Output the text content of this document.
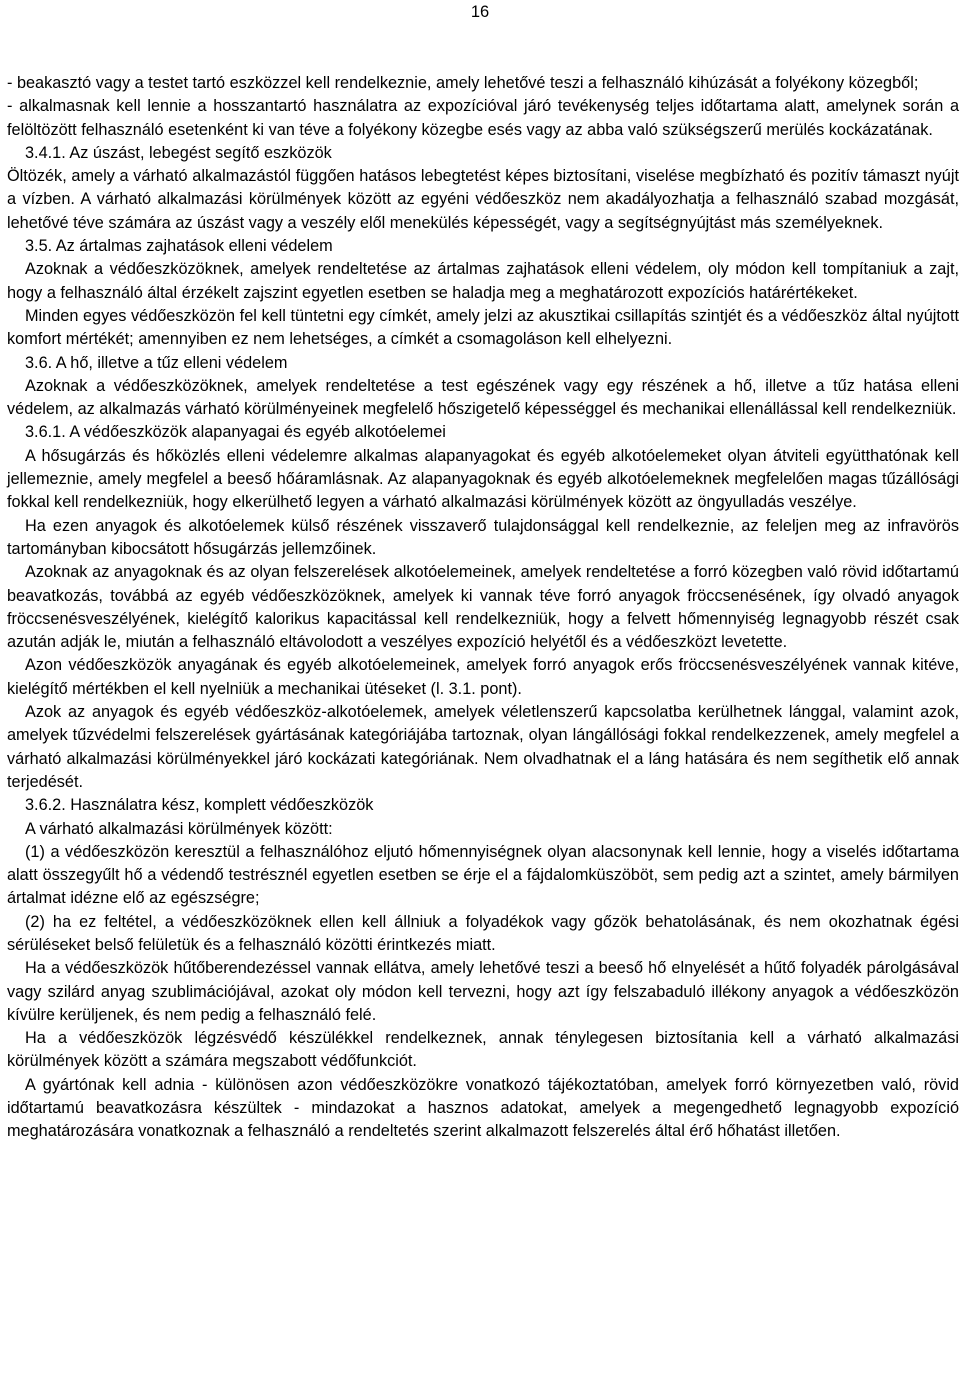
16

- beakasztó vagy a testet tartó eszközzel kell rendelkeznie, amely lehetővé teszi a felhasználó kihúzását a folyékony közegből;

- alkalmasnak kell lennie a hosszantartó használatra az expozícióval járó tevékenység teljes időtartama alatt, amelynek során a felöltözött felhasználó esetenként ki van téve a folyékony közegbe esés vagy az abba való szükségszerű merülés kockázatának.

3.4.1. Az úszást, lebegést segítő eszközök

Öltözék, amely a várható alkalmazástól függően hatásos lebegtetést képes biztosítani, viselése megbízható és pozitív támaszt nyújt a vízben. A várható alkalmazási körülmények között az egyéni védőeszköz nem akadályozhatja a felhasználó szabad mozgását, lehetővé téve számára az úszást vagy a veszély elől menekülés képességét, vagy a segítségnyújtást más személyeknek.

3.5. Az ártalmas zajhatások elleni védelem

Azoknak a védőeszközöknek, amelyek rendeltetése az ártalmas zajhatások elleni védelem, oly módon kell tompítaniuk a zajt, hogy a felhasználó által érzékelt zajszint egyetlen esetben se haladja meg a meghatározott expozíciós határértékeket.

Minden egyes védőeszközön fel kell tüntetni egy címkét, amely jelzi az akusztikai csillapítás szintjét és a védőeszköz által nyújtott komfort mértékét; amennyiben ez nem lehetséges, a címkét a csomagoláson kell elhelyezni.

3.6. A hő, illetve a tűz elleni védelem

Azoknak a védőeszközöknek, amelyek rendeltetése a test egészének vagy egy részének a hő, illetve a tűz hatása elleni védelem, az alkalmazás várható körülményeinek megfelelő hőszigetelő képességgel és mechanikai ellenállással kell rendelkezniük.

3.6.1. A védőeszközök alapanyagai és egyéb alkotóelemei

A hősugárzás és hőközlés elleni védelemre alkalmas alapanyagokat és egyéb alkotóelemeket olyan átviteli együtthatónak kell jellemeznie, amely megfelel a beeső hőáramlásnak. Az alapanyagoknak és egyéb alkotóelemeknek megfelelően magas tűzállósági fokkal kell rendelkezniük, hogy elkerülhető legyen a várható alkalmazási körülmények között az öngyulladás veszélye.

Ha ezen anyagok és alkotóelemek külső részének visszaverő tulajdonsággal kell rendelkeznie, az feleljen meg az infravörös tartományban kibocsátott hősugárzás jellemzőinek.

Azoknak az anyagoknak és az olyan felszerelések alkotóelemeinek, amelyek rendeltetése a forró közegben való rövid időtartamú beavatkozás, továbbá az egyéb védőeszközöknek, amelyek ki vannak téve forró anyagok fröccsenésének, így olvadó anyagok fröccsenésveszélyének, kielégítő kalorikus kapacitással kell rendelkezniük, hogy a felvett hőmennyiség legnagyobb részét csak azután adják le, miután a felhasználó eltávolodott a veszélyes expozíció helyétől és a védőeszközt levetette.

Azon védőeszközök anyagának és egyéb alkotóelemeinek, amelyek forró anyagok erős fröccsenésveszélyének vannak kitéve, kielégítő mértékben el kell nyelniük a mechanikai ütéseket (l. 3.1. pont).

Azok az anyagok és egyéb védőeszköz-alkotóelemek, amelyek véletlenszerű kapcsolatba kerülhetnek lánggal, valamint azok, amelyek tűzvédelmi felszerelések gyártásának kategóriájába tartoznak, olyan lángállósági fokkal rendelkezzenek, amely megfelel a várható alkalmazási körülményekkel járó kockázati kategóriának. Nem olvadhatnak el a láng hatására és nem segíthetik elő annak terjedését.

3.6.2. Használatra kész, komplett védőeszközök

A várható alkalmazási körülmények között:

(1) a védőeszközön keresztül a felhasználóhoz eljutó hőmennyiségnek olyan alacsonynak kell lennie, hogy a viselés időtartama alatt összegyűlt hő a védendő testrésznél egyetlen esetben se érje el a fájdalomküszöböt, sem pedig azt a szintet, amely bármilyen ártalmat idézne elő az egészségre;

(2) ha ez feltétel, a védőeszközöknek ellen kell állniuk a folyadékok vagy gőzök behatolásának, és nem okozhatnak égési sérüléseket belső felületük és a felhasználó közötti érintkezés miatt.

Ha a védőeszközök hűtőberendezéssel vannak ellátva, amely lehetővé teszi a beeső hő elnyelését a hűtő folyadék párolgásával vagy szilárd anyag szublimációjával, azokat oly módon kell tervezni, hogy azt így felszabaduló illékony anyagok a védőeszközön kívülre kerüljenek, és nem pedig a felhasználó felé.

Ha a védőeszközök légzésvédő készülékkel rendelkeznek, annak ténylegesen biztosítania kell a várható alkalmazási körülmények között a számára megszabott védőfunkciót.

A gyártónak kell adnia - különösen azon védőeszközökre vonatkozó tájékoztatóban, amelyek forró környezetben való, rövid időtartamú beavatkozásra készültek - mindazokat a hasznos adatokat, amelyek a megengedhető legnagyobb expozíció meghatározására vonatkoznak a felhasználó a rendeltetés szerint alkalmazott felszerelés által érő hőhatást illetően.
